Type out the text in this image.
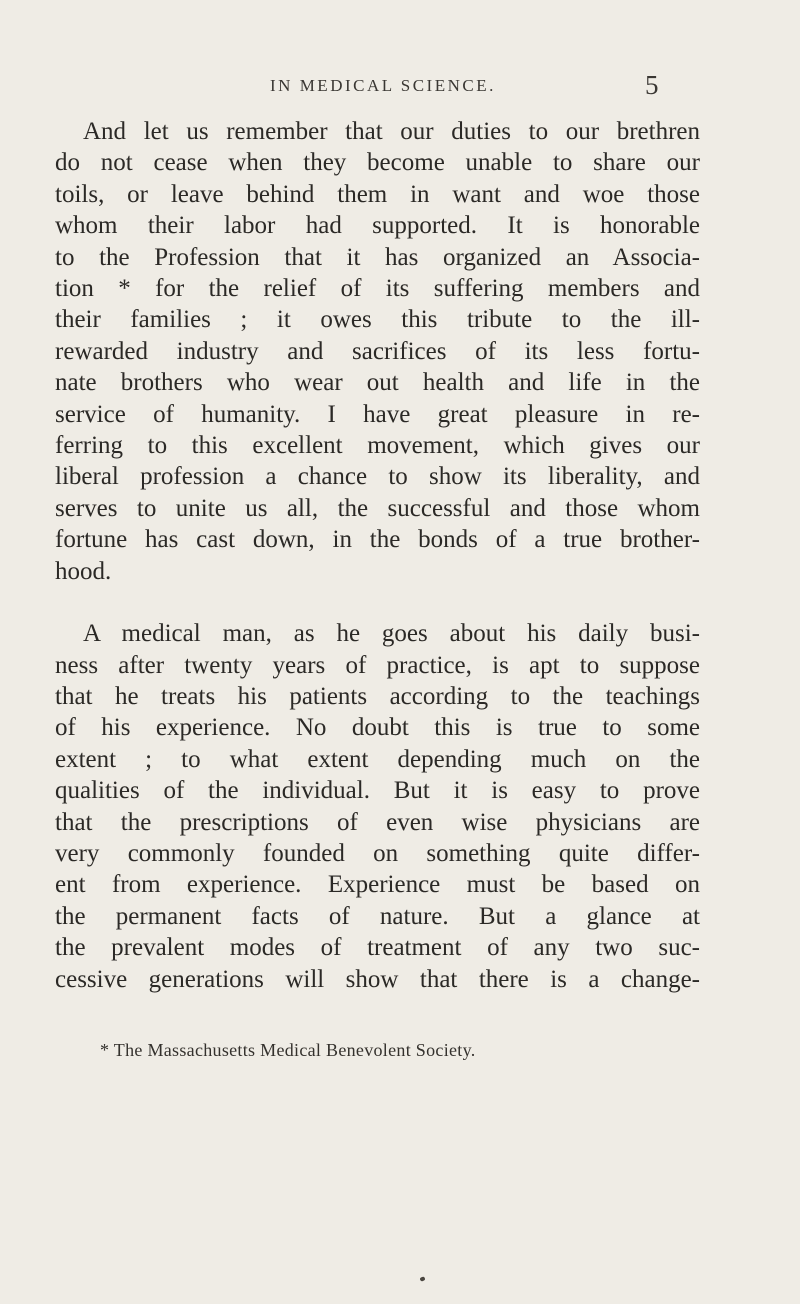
IN MEDICAL SCIENCE.	5
And let us remember that our duties to our brethren
do not cease when they become unable to share our
toils, or leave behind them in want and woe those
whom their labor had supported. It is honorable
to the Profession that it has organized an Associa-
tion * for the relief of its suffering members and
their families ; it owes this tribute to the ill-
rewarded industry and sacrifices of its less fortu-
nate brothers who wear out health and life in the
service of humanity. I have great pleasure in re-
ferring to this excellent movement, which gives our
liberal profession a chance to show its liberality, and
serves to unite us all, the successful and those whom
fortune has cast down, in the bonds of a true brother-
hood.
A medical man, as he goes about his daily busi-
ness after twenty years of practice, is apt to suppose
that he treats his patients according to the teachings
of his experience. No doubt this is true to some
extent ; to what extent depending much on the
qualities of the individual. But it is easy to prove
that the prescriptions of even wise physicians are
very commonly founded on something quite differ-
ent from experience. Experience must be based on
the permanent facts of nature. But a glance at
the prevalent modes of treatment of any two suc-
cessive generations will show that there is a change-
* The Massachusetts Medical Benevolent Society.
